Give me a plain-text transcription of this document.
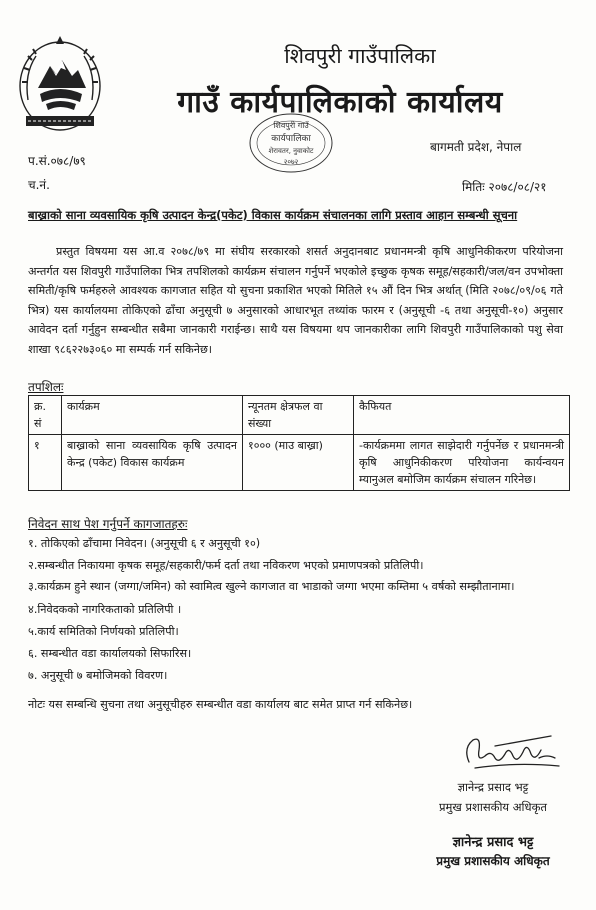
शिवपुरी गाउँपालिका
गाउँ कार्यपालिकाको कार्यालय
शिवपुरी गाउँ
कार्यपालिका
शेरावतर, नुवाकोट
२०७२
बागमती प्रदेश, नेपाल
प.सं.०७८/७९
च.नं.	मितिः २०७८/०८/२१
बाख्राको साना व्यवसायिक कृषि उत्पादन केन्द्र(पकेट) विकास कार्यक्रम संचालनका लागि प्रस्ताव आहान सम्बन्धी सूचना
प्रस्तुत विषयमा यस आ.व २०७८/७९ मा संघीय सरकारको शसर्त अनुदानबाट प्रधानमन्त्री कृषि आधुनिकीकरण परियोजना अन्तर्गत यस शिवपुरी गाउँपालिका भित्र तपशिलको कार्यक्रम संचालन गर्नुपर्ने भएकोले इच्छुक कृषक समूह/सहकारी/जल/वन उपभोक्ता समिती/कृषि फर्महरुले आवश्यक कागजात सहित यो सुचना प्रकाशित भएको मितिले १५ औं दिन भित्र अर्थात् (मिति २०७८/०९/०६ गते भित्र) यस कार्यालयमा तोकिएको ढाँचा अनुसूची ७ अनुसारको आधारभूत तथ्यांक फारम र (अनुसूची -६ तथा अनुसूची-१०) अनुसार आवेदन दर्ता गर्नुहुन सम्बन्धीत सबैमा जानकारी गराईन्छ। साथै यस विषयमा थप जानकारीका लागि शिवपुरी गाउँपालिकाको पशु सेवा शाखा ९८६२२७३०६० मा सम्पर्क गर्न सकिनेछ।
तपशिलः
क्र. सं	कार्यक्रम	न्यूनतम क्षेत्रफल वा संख्या	कैफियत
१	बाख्राको साना व्यवसायिक कृषि उत्पादन केन्द्र (पकेट) विकास कार्यक्रम	१००० (माउ बाख्रा)	-कार्यक्रममा लागत साझेदारी गर्नुपर्नेछ र प्रधानमन्त्री कृषि आधुनिकीकरण परियोजना कार्यन्वयन म्यानुअल बमोजिम कार्यक्रम संचालन गरिनेछ।
निवेदन साथ पेश गर्नुपर्ने कागजातहरुः
१. तोकिएको ढाँचामा निवेदन। (अनुसूची ६ र अनुसूची १०)
२.सम्बन्धीत निकायमा कृषक समूह/सहकारी/फर्म दर्ता तथा नविकरण भएको प्रमाणपत्रको प्रतिलिपी।
३.कार्यक्रम हुने स्थान (जग्गा/जमिन) को स्वामित्व खुल्ने कागजात वा भाडाको जग्गा भएमा कम्तिमा ५ वर्षको सम्झौतानामा।
४.निवेदकको नागरिकताको प्रतिलिपी ।
५.कार्य समितिको निर्णयको प्रतिलिपी।
६. सम्बन्धीत वडा कार्यालयको सिफारिस।
७. अनुसूची ७ बमोजिमको विवरण।
नोटः यस सम्बन्धि सुचना तथा अनुसूचीहरु सम्बन्धीत वडा कार्यालय बाट समेत प्राप्त गर्न सकिनेछ।
ज्ञानेन्द्र प्रसाद भट्ट
प्रमुख प्रशासकीय अधिकृत
ज्ञानेन्द्र प्रसाद भट्ट
प्रमुख प्रशासकीय अधिकृत
